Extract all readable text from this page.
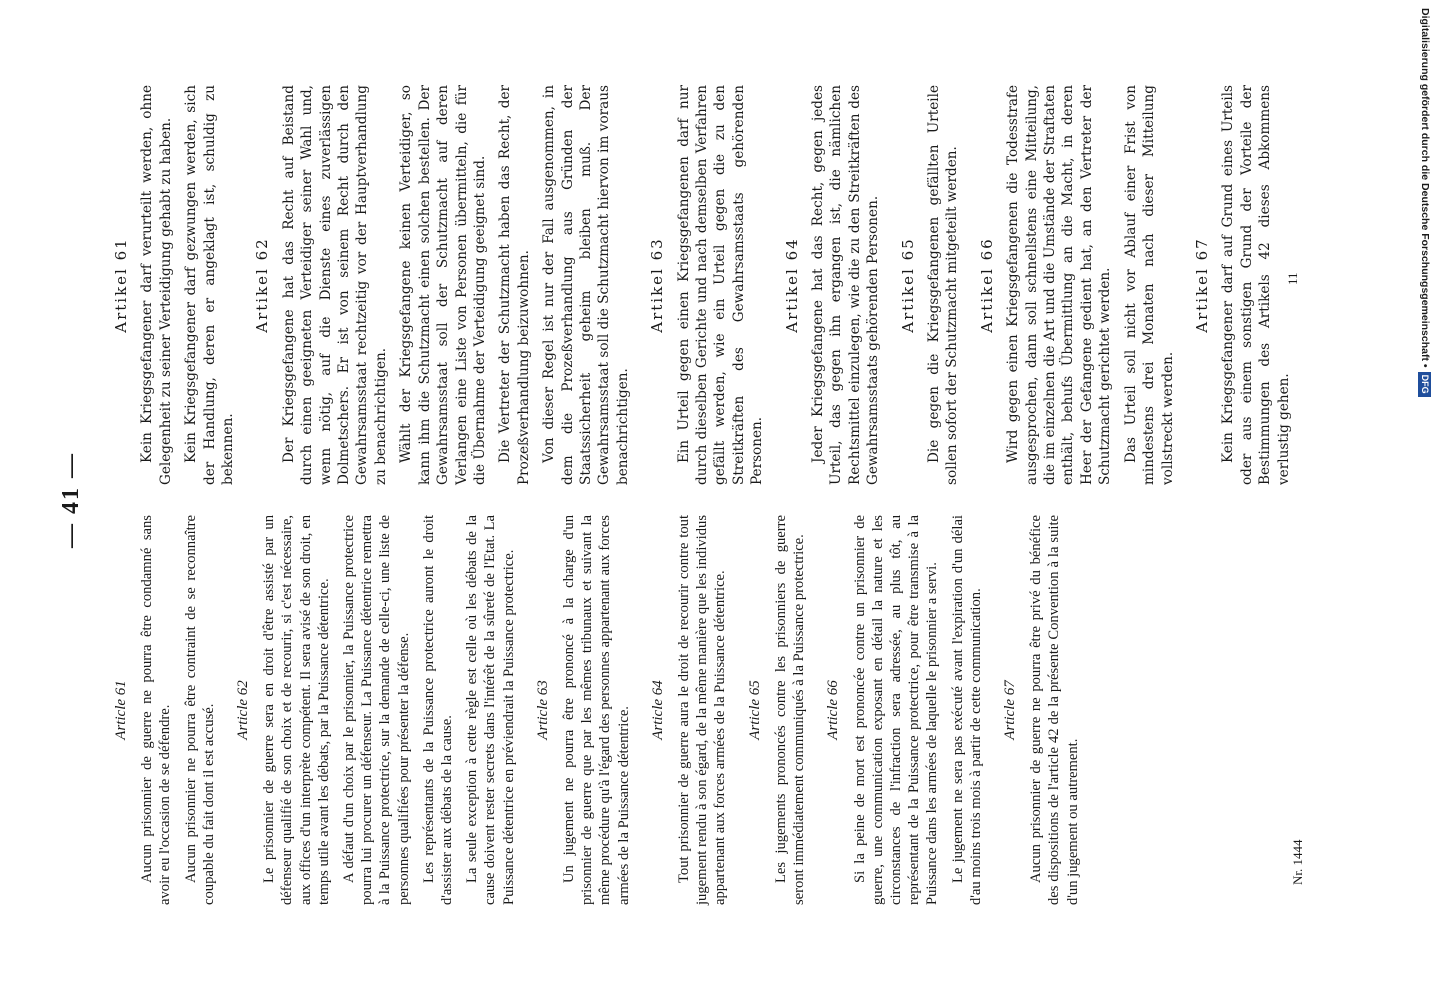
— 41 —
Article 61 Aucun prisonnier de guerre ne pourra être condamné sans avoir eu l'occasion de se défendre. Aucun prisonnier ne pourra être contraint de se reconnaître coupable du fait dont il est accusé. Article 62 Le prisonnier de guerre sera en droit d'être assisté par un défenseur qualifié de son choix et de recourir, si c'est nécessaire, aux offices d'un interprète compétent. Il sera avisé de son droit, en temps utile avant les débats, par la Puissance détentrice. A défaut d'un choix par le prisonnier, la Puissance protectrice pourra lui procurer un défenseur. La Puissance détentrice remettra à la Puissance protectrice, sur la demande de celle-ci, une liste de personnes qualifiées pour présenter la défense. Les représentants de la Puissance protectrice auront le droit d'assister aux débats de la cause. La seule exception à cette règle est celle où les débats de la cause doivent rester secrets dans l'intérêt de la sûreté de l'Etat. La Puissance détentrice en préviendrait la Puissance protectrice. Article 63 Un jugement ne pourra être prononcé à la charge d'un prisonnier de guerre que par les mêmes tribunaux et suivant la même procédure qu'à l'égard des personnes appartenant aux forces armées de la Puissance détentrice. Article 64 Tout prisonnier de guerre aura le droit de recourir contre tout jugement rendu à son égard, de la même manière que les individus appartenant aux forces armées de la Puissance détentrice. Article 65 Les jugements prononcés contre les prisonniers de guerre seront immédiatement communiqués à la Puissance protectrice. Article 66 Si la peine de mort est prononcée contre un prisonnier de guerre, une communication exposant en détail la nature et les circonstances de l'infraction sera adressée, au plus tôt, au représentant de la Puissance protectrice, pour être transmise à la Puissance dans les armées de laquelle le prisonnier a servi. Le jugement ne sera pas exécuté avant l'expiration d'un délai d'au moins trois mois à partir de cette communication. Article 67 Aucun prisonnier de guerre ne pourra être privé du bénéfice des dispositions de l'article 42 de la présente Convention à la suite d'un jugement ou autrement.

Artikel 61 Kein Kriegsgefangener darf verurteilt werden, ohne Gelegenheit zu seiner Verteidigung gehabt zu haben. Kein Kriegsgefangener darf gezwungen werden, sich der Handlung, deren er angeklagt ist, schuldig zu bekennen.

Artikel 62 Der Kriegsgefangene hat das Recht auf Beistand durch einen geeigneten Verteidiger seiner Wahl und, wenn nötig, auf die Dienste eines zuverlässigen Dolmetschers. Er ist von seinem Recht durch den Gewahrsamsstaat rechtzeitig vor der Hauptverhandlung zu benachrichtigen. Wählt der Kriegsgefangene keinen Verteidiger, so kann ihm die Schutzmacht einen solchen bestellen. Der Gewahrsamsstaat soll der Schutzmacht auf deren Verlangen eine Liste von Personen übermitteln, die für die Übernahme der Verteidigung geeignet sind. Die Vertreter der Schutzmacht haben das Recht, der Prozeßverhandlung beizuwohnen. Von dieser Regel ist nur der Fall ausgenommen, in dem die Prozeßverhandlung aus Gründen der Staatssicherheit geheim bleiben muß. Der Gewahrsamsstaat soll die Schutzmacht hiervon im voraus benachrichtigen.

Artikel 63 Ein Urteil gegen einen Kriegsgefangenen darf nur durch dieselben Gerichte und nach demselben Verfahren gefällt werden, wie ein Urteil gegen die zu den Streitkräften des Gewahrsamsstaats gehörenden Personen.

Artikel 64 Jeder Kriegsgefangene hat das Recht, gegen jedes Urteil, das gegen ihn ergangen ist, die nämlichen Rechtsmittel einzulegen, wie die zu den Streitkräften des Gewahrsamsstaats gehörenden Personen. Artikel 65 Die gegen die Kriegsgefangenen gefällten Urteile sollen sofort der Schutzmacht mitgeteilt werden. Artikel 66 Wird gegen einen Kriegsgefangenen die Todesstrafe ausgesprochen, dann soll schnellstens eine Mitteilung, die im einzelnen die Art und die Umstände der Straftaten enthält, behufs Übermittlung an die Macht, in deren Heer der Gefangene gedient hat, an den Vertreter der Schutzmacht gerichtet werden. Das Urteil soll nicht vor Ablauf einer Frist von mindestens drei Monaten nach dieser Mitteilung vollstreckt werden.

Artikel 67 Kein Kriegsgefangener darf auf Grund eines Urteils oder aus einem sonstigen Grund der Vorteile der Bestimmungen des Artikels 42 dieses Abkommens verlustig gehen.

Nr. 1444
11	Digitalisierung gefördert durch die Deutsche Forschungsgemeinschaft •
DFG
